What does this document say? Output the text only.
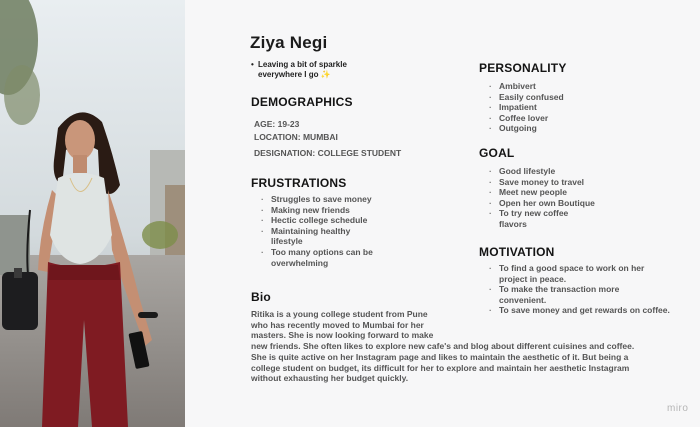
Ziya Negi
• Leaving a bit of sparkle
everywhere I go ✨
DEMOGRAPHICS
AGE: 19-23
LOCATION: MUMBAI
DESIGNATION: COLLEGE STUDENT
FRUSTRATIONS
· Struggles to save money
· Making new friends
· Hectic college schedule
· Maintaining healthy
lifestyle
· Too many options can be
overwhelming
PERSONALITY
· Ambivert
· Easily confused
· Impatient
· Coffee lover
· Outgoing
GOAL
· Good lifestyle
· Save money to travel
· Meet new people
· Open her own Boutique
· To try new coffee
flavors
MOTIVATION
· To find a good space to work on her
project in peace.
· To make the transaction more
convenient.
· To save money and get rewards on coffee.
Bio
Ritika is a young college student from Pune
who has recently moved to Mumbai for her
masters. She is now looking forward to make
new friends. She often likes to explore new cafe's and blog about different cuisines and coffee.
She is quite active on her Instagram page and likes to maintain the aesthetic of it. But being a
college student on budget, its difficult for her to explore and maintain her aesthetic Instagram
without exhausting her budget quickly.
miro
